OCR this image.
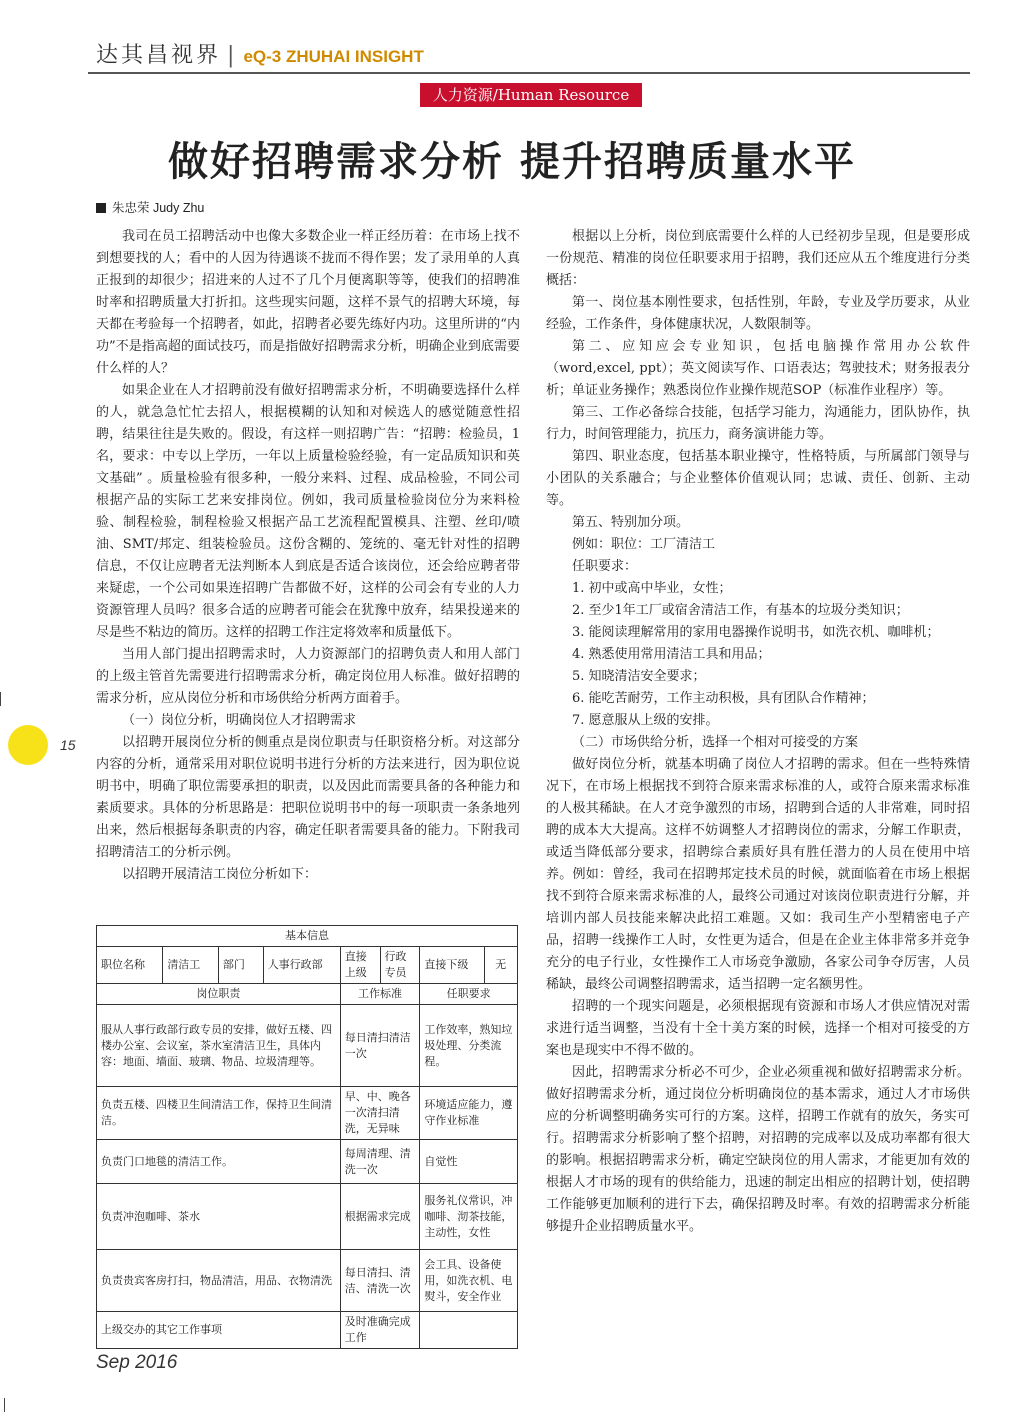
达其昌视界 | eQ-3 ZHUHAI INSIGHT
人力资源/Human Resource
做好招聘需求分析 提升招聘质量水平
朱忠荣 Judy Zhu

我司在员工招聘活动中也像大多数企业一样正经历着：在市场上找不到想要找的人；看中的人因为待遇谈不拢而不得作罢；发了录用单的人真正报到的却很少；招进来的人过不了几个月便离职等等，使我们的招聘准时率和招聘质量大打折扣。这些现实问题，这样不景气的招聘大环境，每天都在考验每一个招聘者，如此，招聘者必要先练好内功。这里所讲的“内功”不是指高超的面试技巧，而是指做好招聘需求分析，明确企业到底需要什么样的人？

如果企业在人才招聘前没有做好招聘需求分析，不明确要选择什么样的人，就急急忙忙去招人，根据模糊的认知和对候选人的感觉随意性招聘，结果往往是失败的。假设，有这样一则招聘广告：“招聘：检验员，1名，要求：中专以上学历，一年以上质量检验经验，有一定品质知识和英文基础” 。质量检验有很多种，一般分来料、过程、成品检验，不同公司根据产品的实际工艺来安排岗位。例如，我司质量检验岗位分为来料检验、制程检验，制程检验又根据产品工艺流程配置模具、注塑、丝印/喷油、SMT/邦定、组装检验员。这份含糊的、笼统的、毫无针对性的招聘信息，不仅让应聘者无法判断本人到底是否适合该岗位，还会给应聘者带来疑虑，一个公司如果连招聘广告都做不好，这样的公司会有专业的人力资源管理人员吗？很多合适的应聘者可能会在犹豫中放弃，结果投递来的尽是些不粘边的简历。这样的招聘工作注定将效率和质量低下。

当用人部门提出招聘需求时，人力资源部门的招聘负责人和用人部门的上级主管首先需要进行招聘需求分析，确定岗位用人标准。做好招聘的需求分析，应从岗位分析和市场供给分析两方面着手。

（一）岗位分析，明确岗位人才招聘需求

以招聘开展岗位分析的侧重点是岗位职责与任职资格分析。对这部分内容的分析，通常采用对职位说明书进行分析的方法来进行，因为职位说明书中，明确了职位需要承担的职责，以及因此而需要具备的各种能力和素质要求。具体的分析思路是：把职位说明书中的每一项职责一条条地列出来，然后根据每条职责的内容，确定任职者需要具备的能力。下附我司招聘清洁工的分析示例。

以招聘开展清洁工岗位分析如下：

基本信息							
职位名称	清洁工	部门	人事行政部	直接上级	行政专员	直接下级	无
岗位职责				工作标准		任职要求	
服从人事行政部行政专员的安排，做好五楼、四楼办公室、会议室，茶水室清洁卫生，具体内容：地面、墙面、玻璃、物品、垃圾清理等。				每日清扫清洁一次		工作效率，熟知垃圾处理、分类流程。	
负责五楼、四楼卫生间清洁工作，保持卫生间清洁。				早、中、晚各一次清扫清洗，无异味		环境适应能力，遵守作业标准	
负责门口地毯的清洁工作。				每周清理、清洗一次		自觉性	
负责冲泡咖啡、茶水				根据需求完成		服务礼仪常识，冲咖啡、沏茶技能，主动性，女性	
负责贵宾客房打扫，物品清洁，用品、衣物清洗				每日清扫、清洁、清洗一次		会工具、设备使用，如洗衣机、电熨斗，安全作业	
上级交办的其它工作事项				及时准确完成工作			

根据以上分析，岗位到底需要什么样的人已经初步呈现，但是要形成一份规范、精准的岗位任职要求用于招聘，我们还应从五个维度进行分类概括：

第一、岗位基本刚性要求，包括性别，年龄，专业及学历要求，从业经验，工作条件，身体健康状况，人数限制等。

第二、应知应会专业知识，包括电脑操作常用办公软件（word,excel, ppt）；英文阅读写作、口语表达；驾驶技术；财务报表分析；单证业务操作；熟悉岗位作业操作规范SOP（标准作业程序）等。

第三、工作必备综合技能，包括学习能力，沟通能力，团队协作，执行力，时间管理能力，抗压力，商务演讲能力等。

第四、职业态度，包括基本职业操守，性格特质，与所属部门领导与小团队的关系融合；与企业整体价值观认同；忠诚、责任、创新、主动等。

第五、特别加分项。

例如：职位：工厂清洁工

任职要求：

1. 初中或高中毕业，女性；

2. 至少1年工厂或宿舍清洁工作，有基本的垃圾分类知识；

3. 能阅读理解常用的家用电器操作说明书，如洗衣机、咖啡机；

4. 熟悉使用常用清洁工具和用品；

5. 知晓清洁安全要求；

6. 能吃苦耐劳，工作主动积极，具有团队合作精神；

7. 愿意服从上级的安排。

（二）市场供给分析，选择一个相对可接受的方案

做好岗位分析，就基本明确了岗位人才招聘的需求。但在一些特殊情况下，在市场上根据找不到符合原来需求标准的人，或符合原来需求标准的人极其稀缺。在人才竞争激烈的市场，招聘到合适的人非常难，同时招聘的成本大大提高。这样不妨调整人才招聘岗位的需求，分解工作职责，或适当降低部分要求，招聘综合素质好具有胜任潜力的人员在使用中培养。例如：曾经，我司在招聘邦定技术员的时候，就面临着在市场上根据找不到符合原来需求标准的人，最终公司通过对该岗位职责进行分解，并培训内部人员技能来解决此招工难题。又如：我司生产小型精密电子产品，招聘一线操作工人时，女性更为适合，但是在企业主体非常多并竞争充分的电子行业，女性操作工人市场竞争激励，各家公司争夺厉害，人员稀缺，最终公司调整招聘需求，适当招聘一定名额男性。

招聘的一个现实问题是，必须根据现有资源和市场人才供应情况对需求进行适当调整，当没有十全十美方案的时候，选择一个相对可接受的方案也是现实中不得不做的。

因此，招聘需求分析必不可少，企业必须重视和做好招聘需求分析。做好招聘需求分析，通过岗位分析明确岗位的基本需求，通过人才市场供应的分析调整明确务实可行的方案。这样，招聘工作就有的放矢，务实可行。招聘需求分析影响了整个招聘，对招聘的完成率以及成功率都有很大的影响。根据招聘需求分析，确定空缺岗位的用人需求，才能更加有效的根据人才市场的现有的供给能力，迅速的制定出相应的招聘计划，使招聘工作能够更加顺利的进行下去，确保招聘及时率。有效的招聘需求分析能够提升企业招聘质量水平。

15
Sep 2016
